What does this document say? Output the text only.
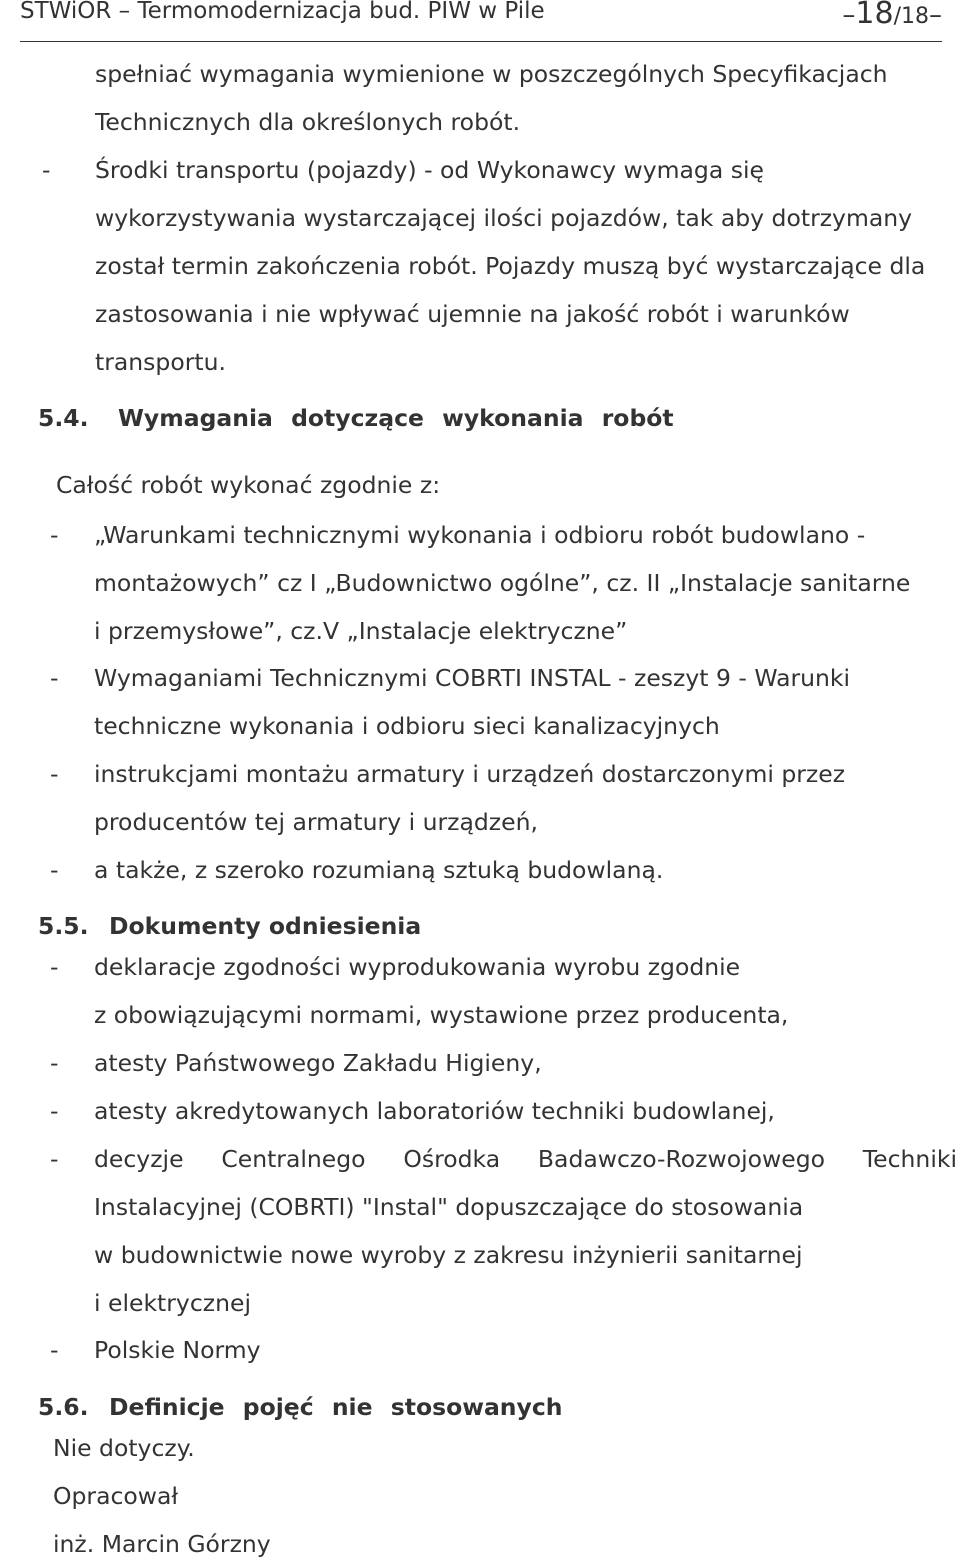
STWiOR – Termomodernizacja bud. PIW w Pile	–18/18–
spełniać wymagania wymienione w poszczególnych Specyfikacjach
Technicznych dla określonych robót.
- Środki transportu (pojazdy) - od Wykonawcy wymaga się
wykorzystywania wystarczającej ilości pojazdów, tak aby dotrzymany
został termin zakończenia robót. Pojazdy muszą być wystarczające dla
zastosowania i nie wpływać ujemnie na jakość robót i warunków
transportu.
5.4. Wymagania dotyczące wykonania robót
Całość robót wykonać zgodnie z:
- „Warunkami technicznymi wykonania i odbioru robót budowlano -
montażowych” cz I „Budownictwo ogólne”, cz. II „Instalacje sanitarne
i przemysłowe”, cz.V „Instalacje elektryczne”
- Wymaganiami Technicznymi COBRTI INSTAL - zeszyt 9 - Warunki
techniczne wykonania i odbioru sieci kanalizacyjnych
- instrukcjami montażu armatury i urządzeń dostarczonymi przez
producentów tej armatury i urządzeń,
- a także, z szeroko rozumianą sztuką budowlaną.
5.5. Dokumenty odniesienia
- deklaracje zgodności wyprodukowania wyrobu zgodnie
z obowiązującymi normami, wystawione przez producenta,
- atesty Państwowego Zakładu Higieny,
- atesty akredytowanych laboratoriów techniki budowlanej,
- decyzje Centralnego Ośrodka Badawczo-Rozwojowego Techniki
Instalacyjnej (COBRTI) "Instal" dopuszczające do stosowania
w budownictwie nowe wyroby z zakresu inżynierii sanitarnej
i elektrycznej
- Polskie Normy
5.6. Definicje pojęć nie stosowanych
Nie dotyczy.
Opracował
inż. Marcin Górzny
